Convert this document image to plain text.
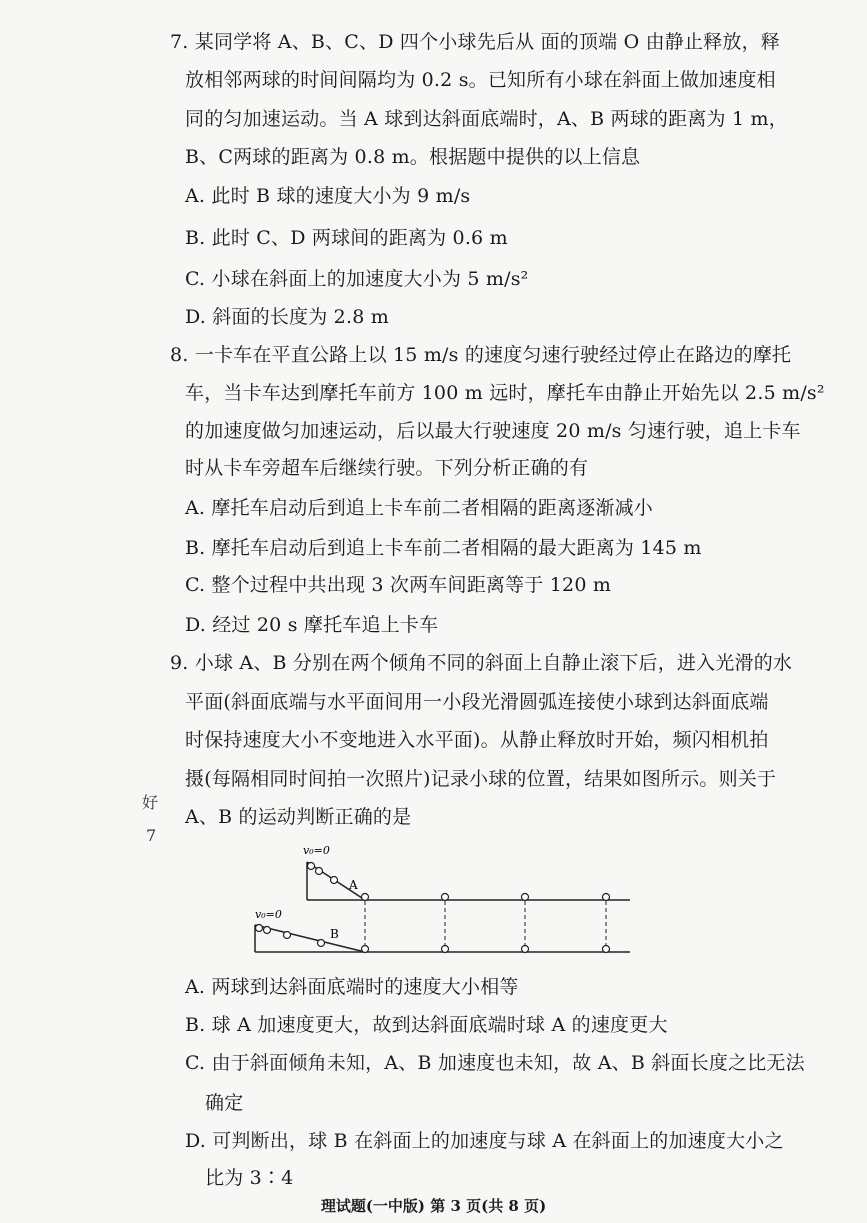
7. 某同学将 A、B、C、D 四个小球先后从 面的顶端 O 由静止释放，释
放相邻两球的时间间隔均为 0.2 s。已知所有小球在斜面上做加速度相
同的匀加速运动。当 A 球到达斜面底端时，A、B 两球的距离为 1 m，
B、C两球的距离为 0.8 m。根据题中提供的以上信息
A. 此时 B 球的速度大小为 9 m/s
B. 此时 C、D 两球间的距离为 0.6 m
C. 小球在斜面上的加速度大小为 5 m/s²
D. 斜面的长度为 2.8 m
8. 一卡车在平直公路上以 15 m/s 的速度匀速行驶经过停止在路边的摩托
车，当卡车达到摩托车前方 100 m 远时，摩托车由静止开始先以 2.5 m/s²
的加速度做匀加速运动，后以最大行驶速度 20 m/s 匀速行驶，追上卡车
时从卡车旁超车后继续行驶。下列分析正确的有
A. 摩托车启动后到追上卡车前二者相隔的距离逐渐减小
B. 摩托车启动后到追上卡车前二者相隔的最大距离为 145 m
C. 整个过程中共出现 3 次两车间距离等于 120 m
D. 经过 20 s 摩托车追上卡车
9. 小球 A、B 分别在两个倾角不同的斜面上自静止滚下后，进入光滑的水
平面(斜面底端与水平面间用一小段光滑圆弧连接使小球到达斜面底端
时保持速度大小不变地进入水平面)。从静止释放时开始，频闪相机拍
摄(每隔相同时间拍一次照片)记录小球的位置，结果如图所示。则关于
A、B 的运动判断正确的是
好
7
v₀=0
A
v₀=0
B
A. 两球到达斜面底端时的速度大小相等
B. 球 A 加速度更大，故到达斜面底端时球 A 的速度更大
C. 由于斜面倾角未知，A、B 加速度也未知，故 A、B 斜面长度之比无法
确定
D. 可判断出，球 B 在斜面上的加速度与球 A 在斜面上的加速度大小之
比为 3∶4
理试题(一中版) 第 3 页(共 8 页)
